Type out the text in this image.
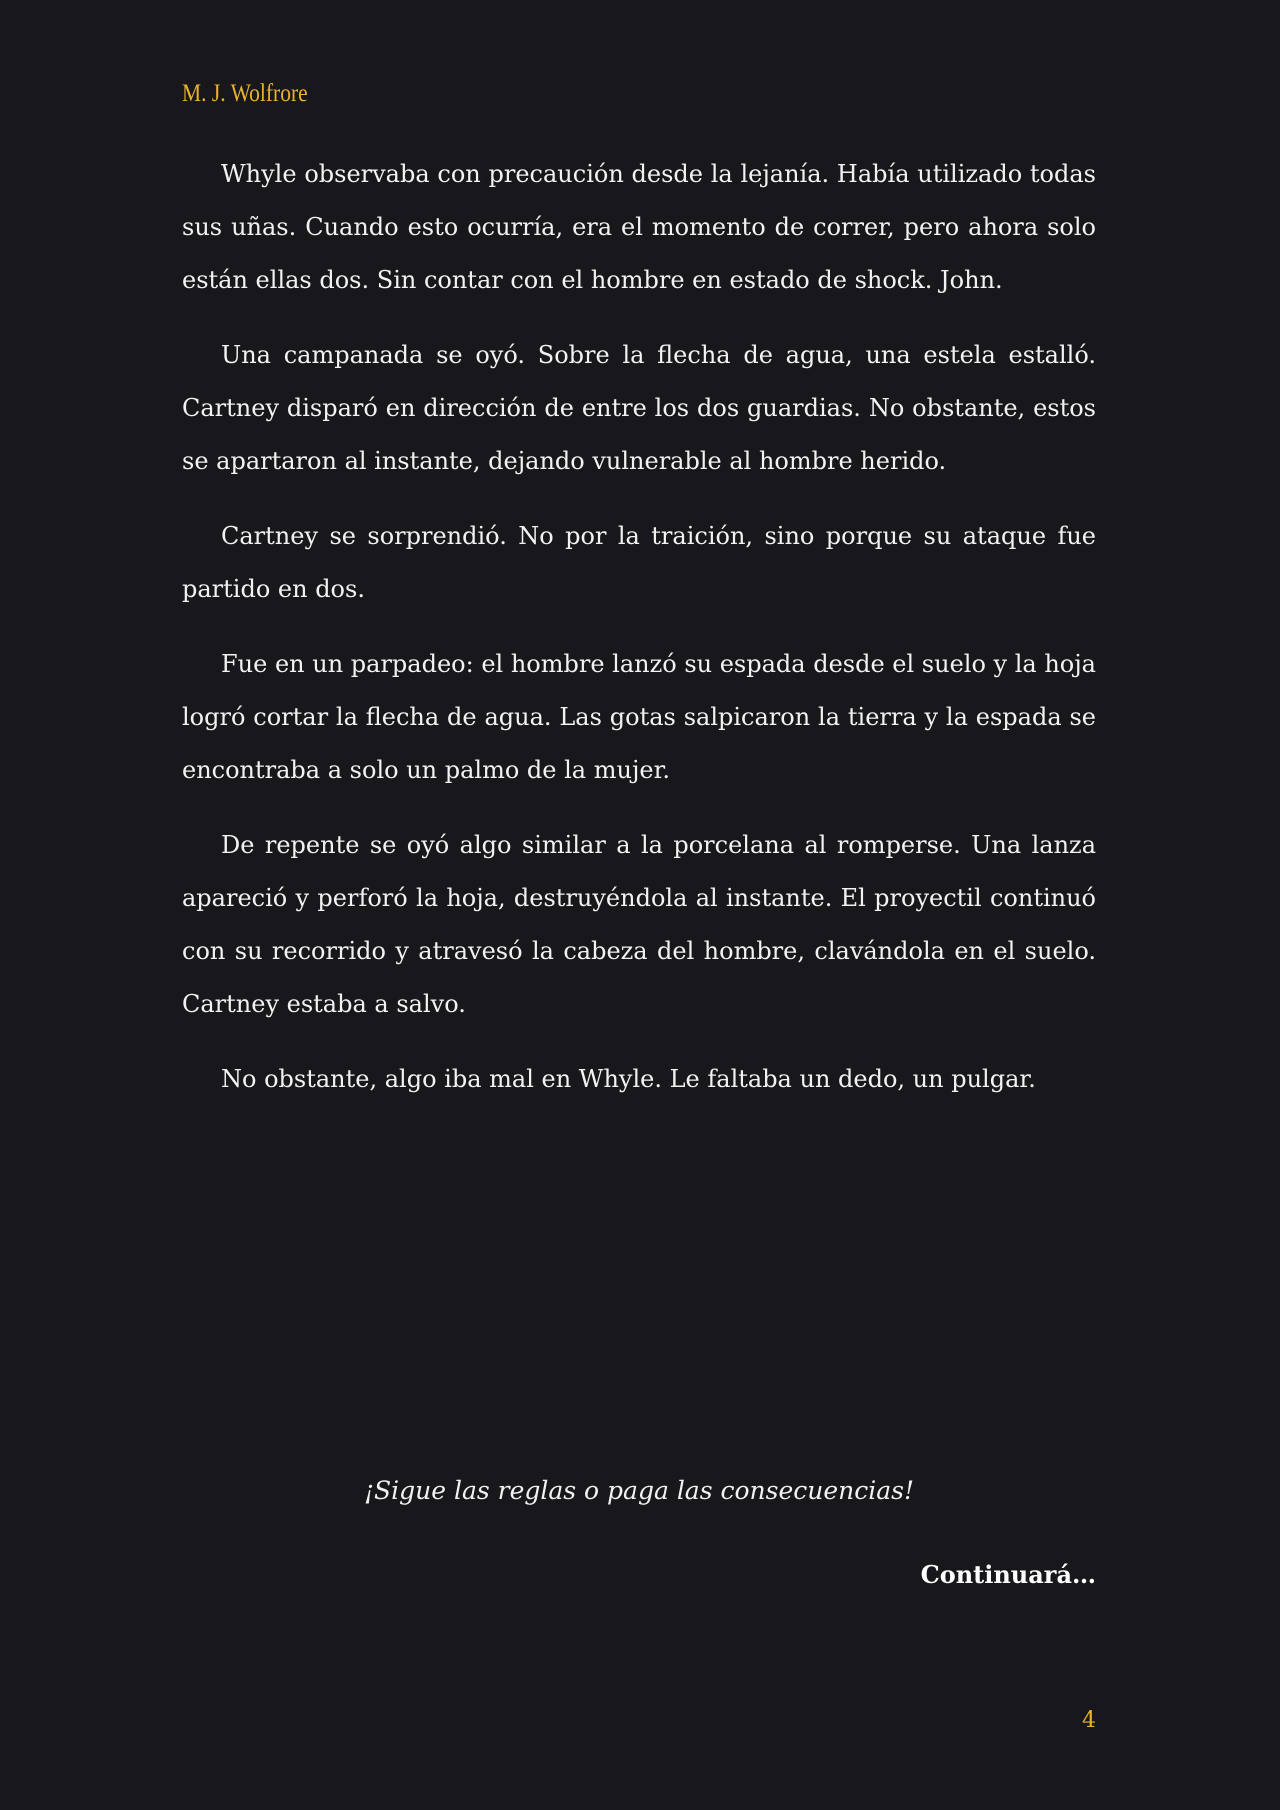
M. J. Wolfrore

Whyle observaba con precaución desde la lejanía. Había utilizado todas sus uñas. Cuando esto ocurría, era el momento de correr, pero ahora solo están ellas dos. Sin contar con el hombre en estado de shock. John.

Una campanada se oyó. Sobre la flecha de agua, una estela estalló. Cartney disparó en dirección de entre los dos guardias. No obstante, estos se apartaron al instante, dejando vulnerable al hombre herido.

Cartney se sorprendió. No por la traición, sino porque su ataque fue partido en dos.

Fue en un parpadeo: el hombre lanzó su espada desde el suelo y la hoja logró cortar la flecha de agua. Las gotas salpicaron la tierra y la espada se encontraba a solo un palmo de la mujer.

De repente se oyó algo similar a la porcelana al romperse. Una lanza apareció y perforó la hoja, destruyéndola al instante. El proyectil continuó con su recorrido y atravesó la cabeza del hombre, clavándola en el suelo. Cartney estaba a salvo.

No obstante, algo iba mal en Whyle. Le faltaba un dedo, un pulgar.

¡Sigue las reglas o paga las consecuencias!
Continuará…
4
